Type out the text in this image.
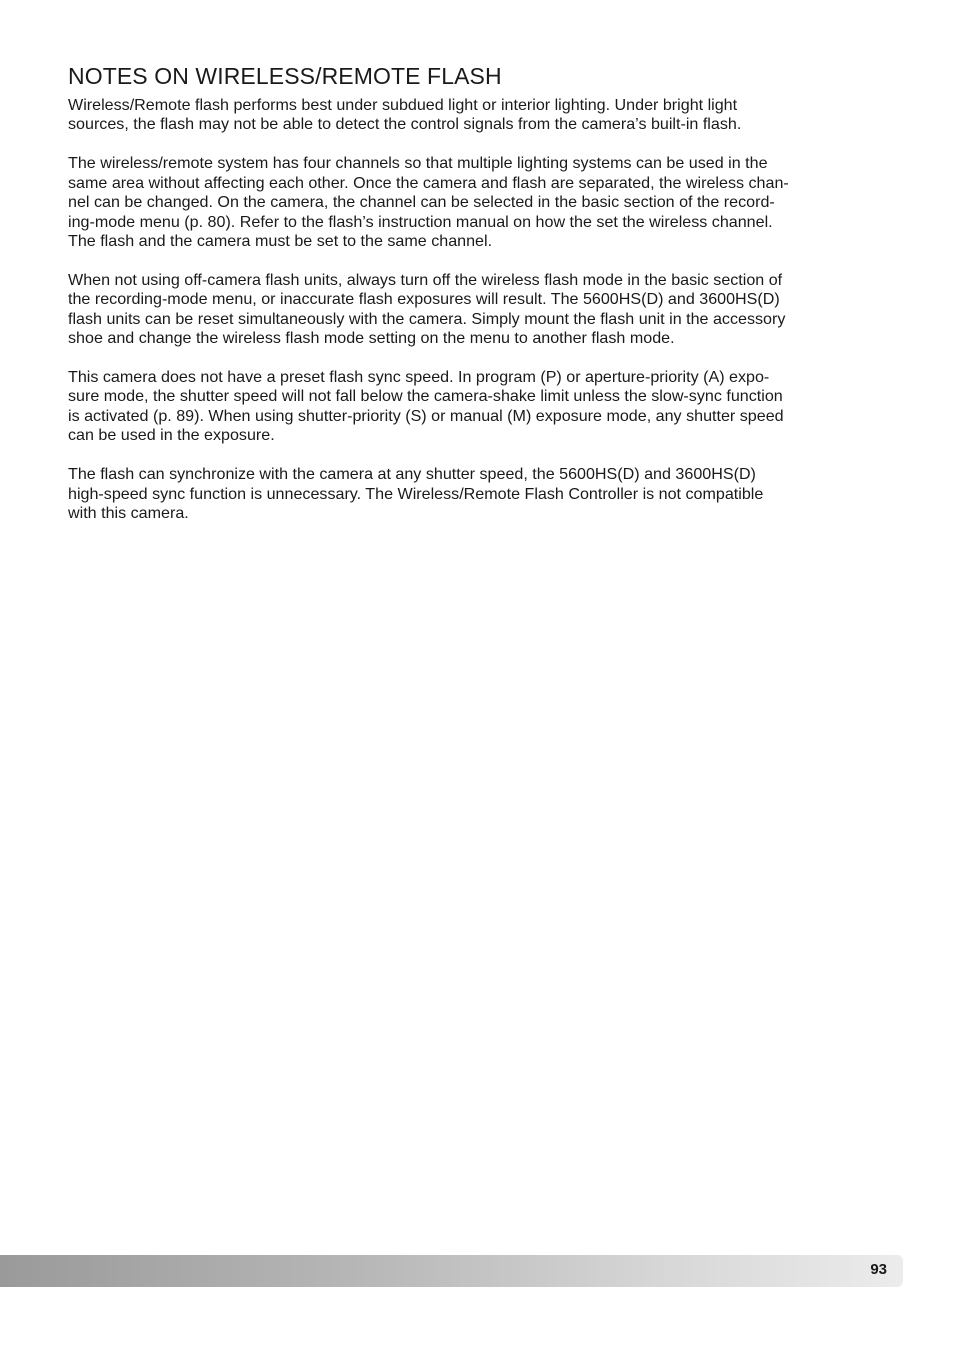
NOTES ON WIRELESS/REMOTE FLASH

Wireless/Remote flash performs best under subdued light or interior lighting. Under bright light
sources, the flash may not be able to detect the control signals from the camera’s built-in flash.

The wireless/remote system has four channels so that multiple lighting systems can be used in the
same area without affecting each other. Once the camera and flash are separated, the wireless chan-
nel can be changed. On the camera, the channel can be selected in the basic section of the record-
ing-mode menu (p. 80). Refer to the flash’s instruction manual on how the set the wireless channel.
The flash and the camera must be set to the same channel.

When not using off-camera flash units, always turn off the wireless flash mode in the basic section of
the recording-mode menu, or inaccurate flash exposures will result. The 5600HS(D) and 3600HS(D)
flash units can be reset simultaneously with the camera. Simply mount the flash unit in the accessory
shoe and change the wireless flash mode setting on the menu to another flash mode.

This camera does not have a preset flash sync speed. In program (P) or aperture-priority (A) expo-
sure mode, the shutter speed will not fall below the camera-shake limit unless the slow-sync function
is activated (p. 89). When using shutter-priority (S) or manual (M) exposure mode, any shutter speed
can be used in the exposure.

The flash can synchronize with the camera at any shutter speed, the 5600HS(D) and 3600HS(D)
high-speed sync function is unnecessary. The Wireless/Remote Flash Controller is not compatible
with this camera.

93
